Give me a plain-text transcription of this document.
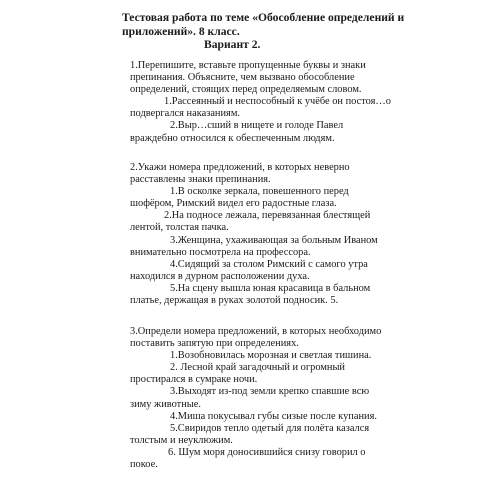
Тестовая работа по теме «Обособление определений и
приложений». 8 класс.
Вариант 2.
1.Перепишите, вставьте пропущенные буквы и знаки
препинания. Объясните, чем вызвано обособление
определений, стоящих перед определяемым словом.
1.Рассеянный и неспособный к учёбе он постоя…о
подвергался наказаниям.
2.Выр…сший в нищете и голоде Павел
враждебно относился к обеспеченным людям.
2.Укажи номера предложений, в которых неверно
расставлены знаки препинания.
1.В осколке зеркала, повешенного перед
шофёром, Римский видел его радостные глаза.
2.На подносе лежала, перевязанная блестящей
лентой, толстая пачка.
3.Женщина, ухаживающая за больным Иваном
внимательно посмотрела на профессора.
4.Сидящий за столом Римский с самого утра
находился в дурном расположении духа.
5.На сцену вышла юная красавица в бальном
платье, держащая в руках золотой подносик. 5.
3.Определи номера предложений, в которых необходимо
поставить запятую при определениях.
1.Возобновилась морозная и светлая тишина.
2. Лесной край загадочный и огромный
простирался в сумраке ночи.
3.Выходят из-под земли крепко спавшие всю
зиму животные.
4.Миша покусывал губы сизые после купания.
5.Свиридов тепло одетый для полёта казался
толстым и неуклюжим.
6. Шум моря доносившийся снизу говорил о
покое.
